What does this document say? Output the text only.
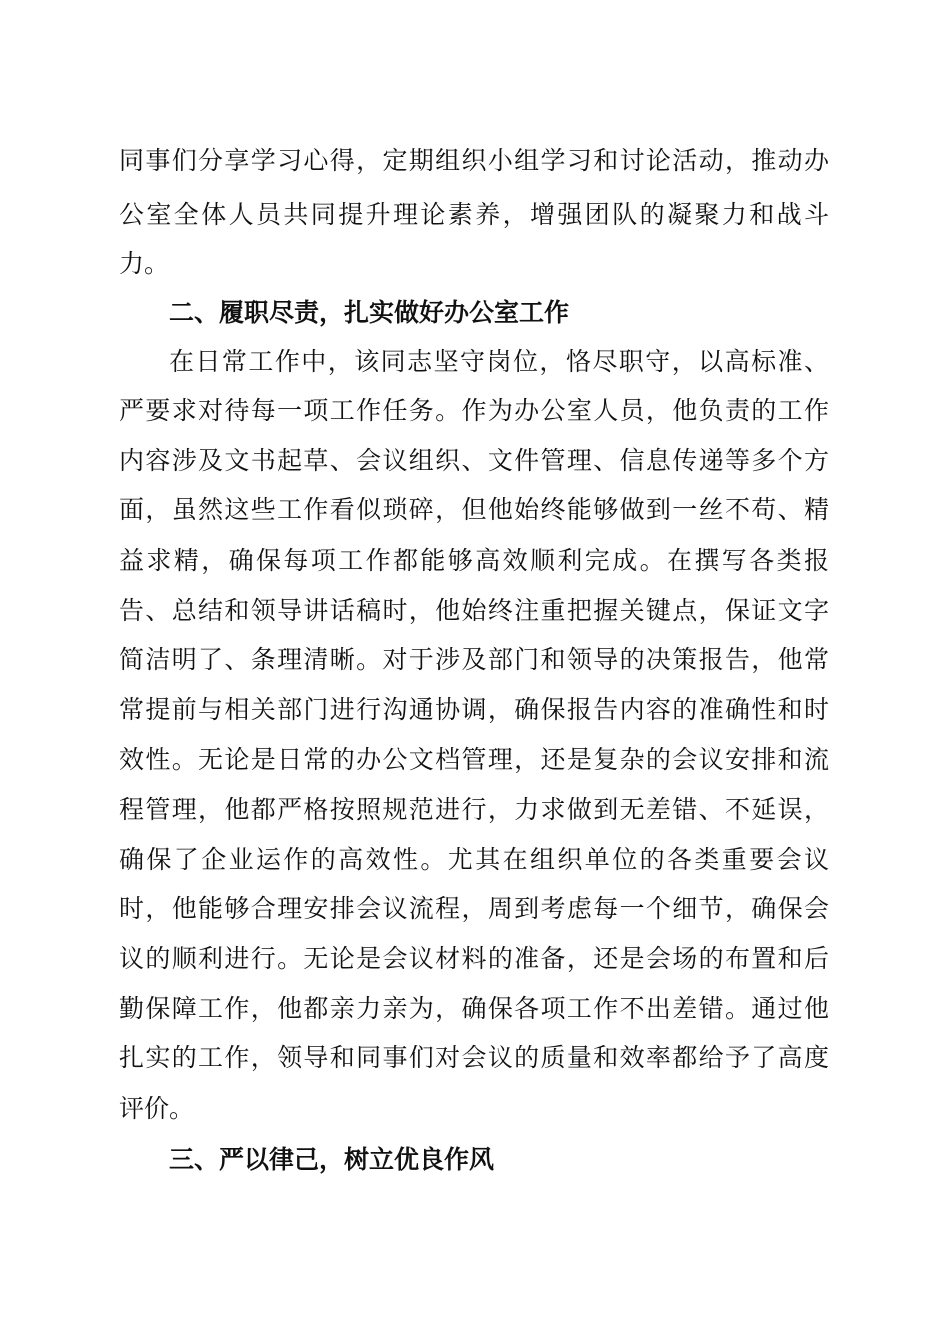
同事们分享学习心得，定期组织小组学习和讨论活动，推动办
公室全体人员共同提升理论素养，增强团队的凝聚力和战斗
力。
二、履职尽责，扎实做好办公室工作
在日常工作中，该同志坚守岗位，恪尽职守，以高标准、
严要求对待每一项工作任务。作为办公室人员，他负责的工作
内容涉及文书起草、会议组织、文件管理、信息传递等多个方
面，虽然这些工作看似琐碎，但他始终能够做到一丝不苟、精
益求精，确保每项工作都能够高效顺利完成。在撰写各类报
告、总结和领导讲话稿时，他始终注重把握关键点，保证文字
简洁明了、条理清晰。对于涉及部门和领导的决策报告，他常
常提前与相关部门进行沟通协调，确保报告内容的准确性和时
效性。无论是日常的办公文档管理，还是复杂的会议安排和流
程管理，他都严格按照规范进行，力求做到无差错、不延误，
确保了企业运作的高效性。尤其在组织单位的各类重要会议
时，他能够合理安排会议流程，周到考虑每一个细节，确保会
议的顺利进行。无论是会议材料的准备，还是会场的布置和后
勤保障工作，他都亲力亲为，确保各项工作不出差错。通过他
扎实的工作，领导和同事们对会议的质量和效率都给予了高度
评价。
三、严以律己，树立优良作风
